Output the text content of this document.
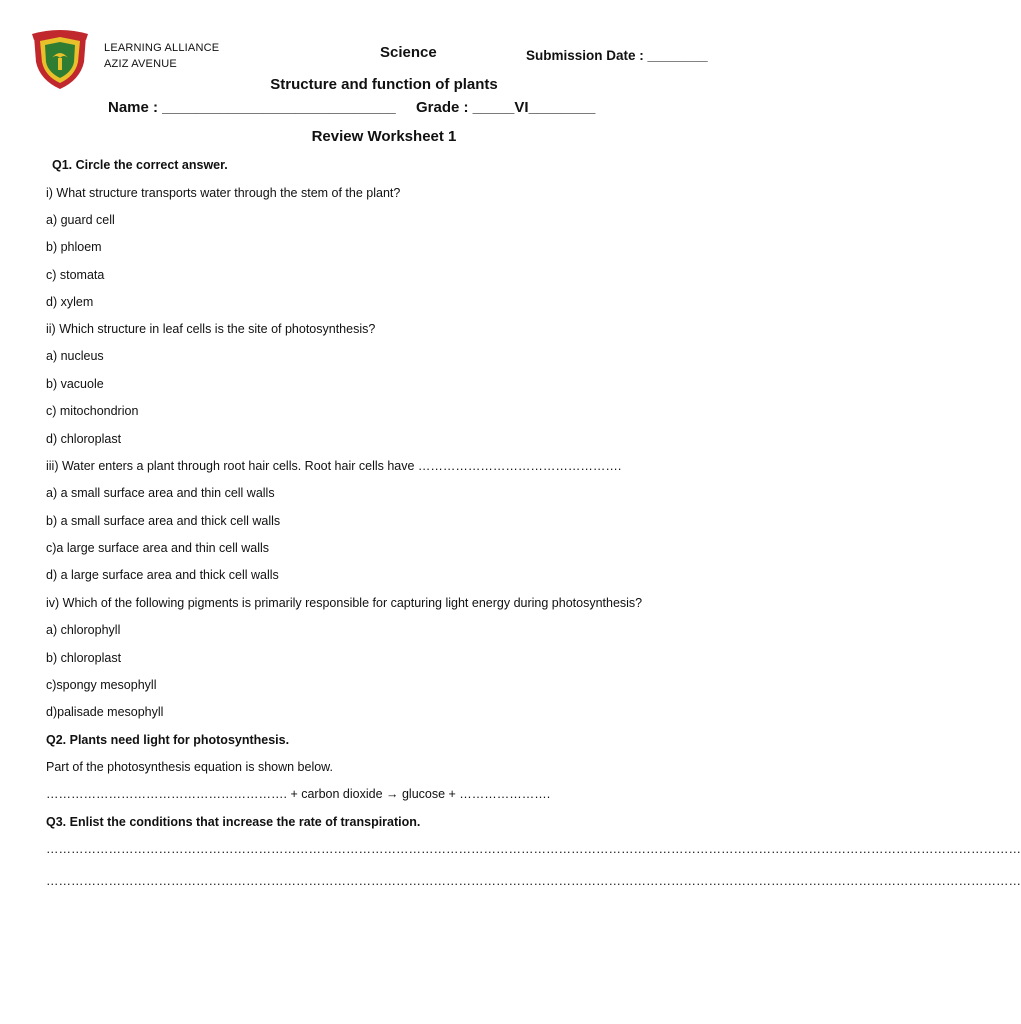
LEARNING ALLIANCE
AZIZ AVENUE
Science	Submission Date : ________
Structure and function of plants
Name : ____________________________ Grade : _____VI________
Review Worksheet 1
Q1. Circle the correct answer.
i) What structure transports water through the stem of the plant?
a) guard cell
b) phloem
c) stomata
d) xylem
ii) Which structure in leaf cells is the site of photosynthesis?
a) nucleus
b) vacuole
c) mitochondrion
d) chloroplast
iii) Water enters a plant through root hair cells. Root hair cells have ………………………………………….
a) a small surface area and thin cell walls
b) a small surface area and thick cell walls
c)a large surface area and thin cell walls
d) a large surface area and thick cell walls
iv) Which of the following pigments is primarily responsible for capturing light energy during photosynthesis?
a) chlorophyll
b) chloroplast
c)spongy mesophyll
d)palisade mesophyll
Q2. Plants need light for photosynthesis.
Part of the photosynthesis equation is shown below.
…………………………………………………. + carbon dioxide → glucose + ………………….
Q3. Enlist the conditions that increase the rate of transpiration.
………………………………………………………………………………………………………………………………………………………………………………………………………………
………………………………………………………………………………………………………………………………………………………………………………………………………………
